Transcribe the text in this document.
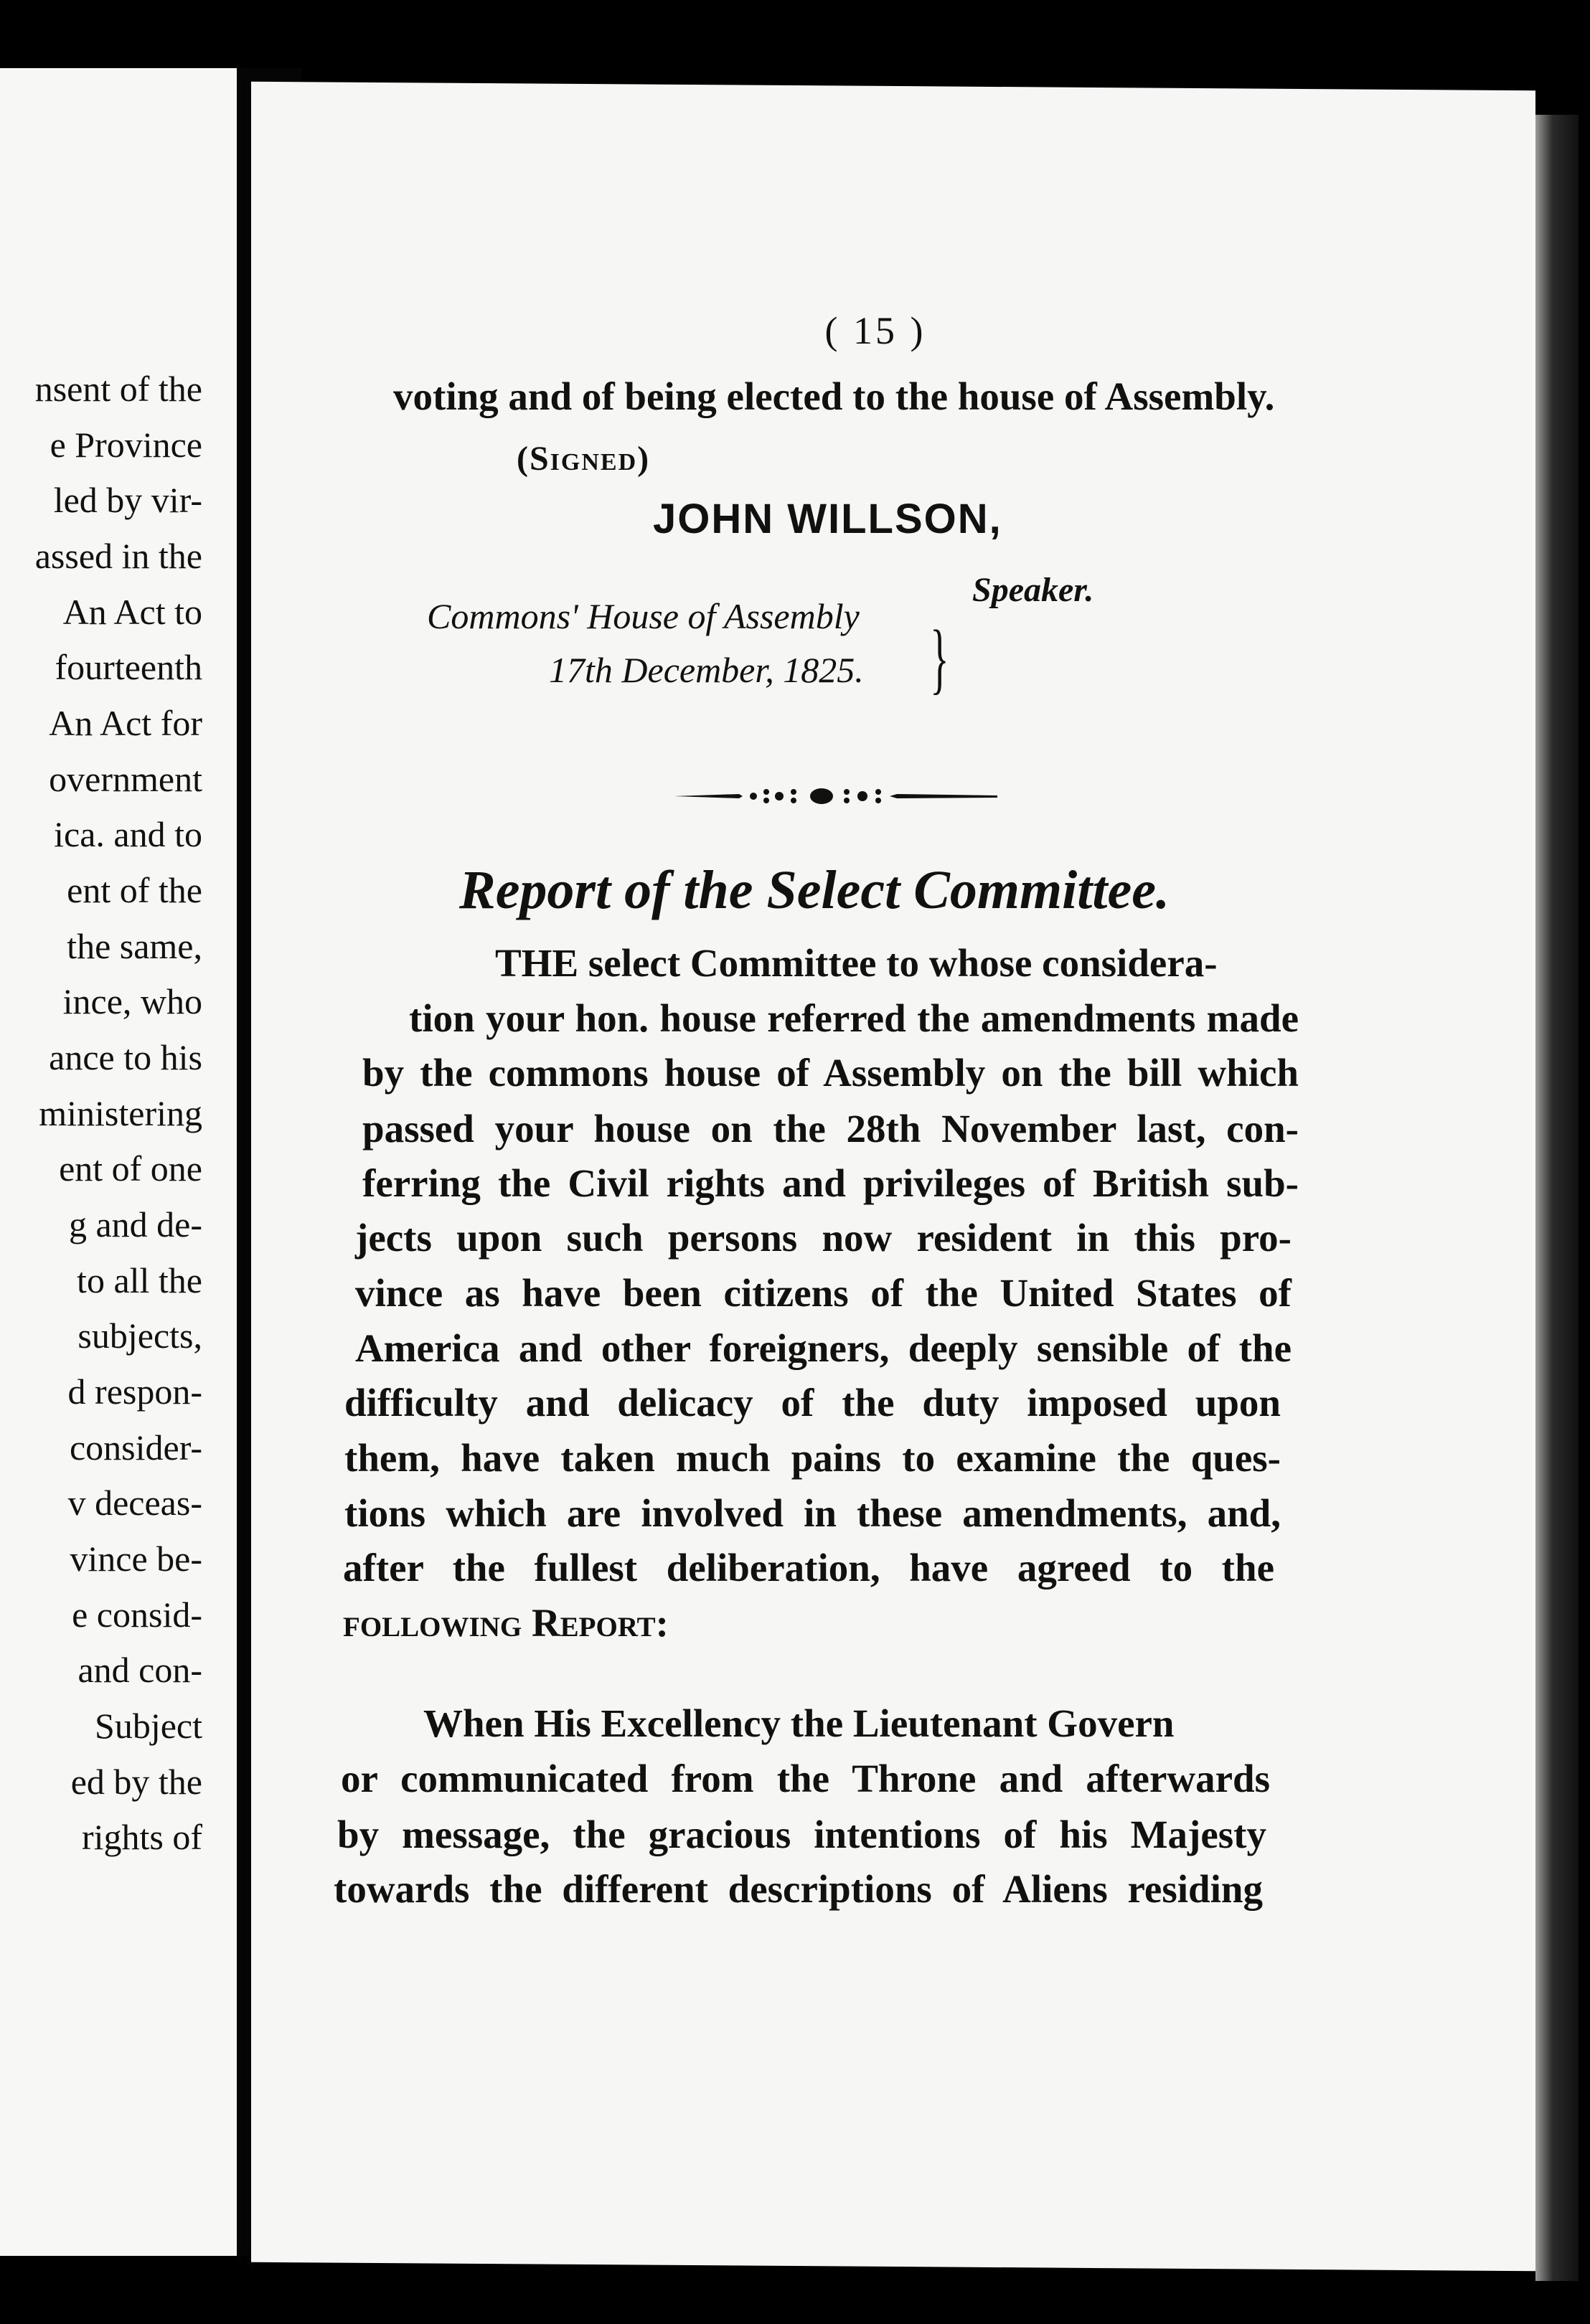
nsent of the
e Province
led by vir-
assed in the
An Act to
fourteenth
An Act for
overnment
ica. and to
ent of the
the same,
ince, who
ance to his
ministering
ent of one
g and de-
to all the
subjects,
d respon-
consider-
v deceas-
vince be-
e consid-
and con-
Subject
ed by the
rights of
( 15 )
voting and of being elected to the house of Assembly.
(Signed)
JOHN WILLSON,
Speaker.
Commons' House of Assembly
17th December, 1825. }
Report of the Select Committee.
THE select Committee to whose considera-
tion your hon. house referred the amendments made
by the commons house of Assembly on the bill which
passed your house on the 28th November last, con-
ferring the Civil rights and privileges of British sub-
jects upon such persons now resident in this pro-
vince as have been citizens of the United States of
America and other foreigners, deeply sensible of the
difficulty and delicacy of the duty imposed upon
them, have taken much pains to examine the ques-
tions which are involved in these amendments, and,
after the fullest deliberation, have agreed to the
following Report:
When His Excellency the Lieutenant Govern
or communicated from the Throne and afterwards
by message, the gracious intentions of his Majesty
towards the different descriptions of Aliens residing
